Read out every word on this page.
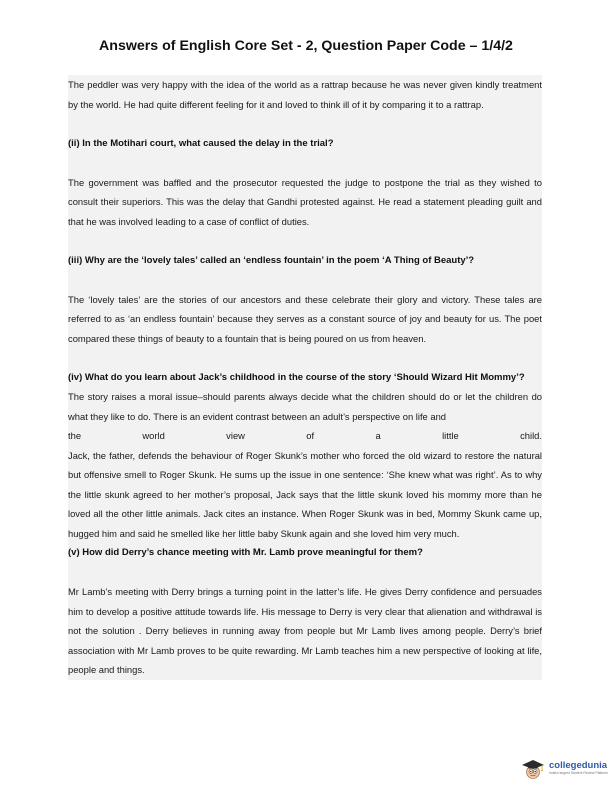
Answers of English Core Set - 2, Question Paper Code – 1/4/2

The peddler was very happy with the idea of the world as a rattrap because he was never given kindly treatment by the world. He had quite different feeling for it and loved to think ill of it by comparing it to a rattrap.

(ii) In the Motihari court, what caused the delay in the trial?

The government was baffled and the prosecutor requested the judge to postpone the trial as they wished to consult their superiors. This was the delay that Gandhi protested against. He read a statement pleading guilt and that he was involved leading to a case of conflict of duties.

(iii) Why are the ‘lovely tales’ called an ‘endless fountain’ in the poem ‘A Thing of Beauty’?

The ‘lovely tales’ are the stories of our ancestors and these celebrate their glory and victory. These tales are referred to as ‘an endless fountain’ because they serves as a constant source of joy and beauty for us. The poet compared these things of beauty to a fountain that is being poured on us from heaven.

(iv) What do you learn about Jack’s childhood in the course of the story ‘Should Wizard Hit Mommy’?

The story raises a moral issue–should parents always decide what the children should do or let the children do what they like to do. There is an evident contrast between an adult’s perspective on life and

the	world	view	of	a	little	child.

Jack, the father, defends the behaviour of Roger Skunk’s mother who forced the old wizard to restore the natural but offensive smell to Roger Skunk. He sums up the issue in one sentence: ‘She knew what was right’. As to why the little skunk agreed to her mother’s proposal, Jack says that the little skunk loved his mommy more than he loved all the other little animals. Jack cites an instance. When Roger Skunk was in bed, Mommy Skunk came up, hugged him and said he smelled like her little baby Skunk again and she loved him very much.

(v) How did Derry’s chance meeting with Mr. Lamb prove meaningful for them?

Mr Lamb’s meeting with Derry brings a turning point in the latter’s life. He gives Derry confidence and persuades him to develop a positive attitude towards life. His message to Derry is very clear that alienation and withdrawal is not the solution . Derry believes in running away from people but Mr Lamb lives among people. Derry’s brief association with Mr Lamb proves to be quite rewarding. Mr Lamb teaches him a new perspective of looking at life, people and things.

collegedunia
India's largest Student Review Platform
